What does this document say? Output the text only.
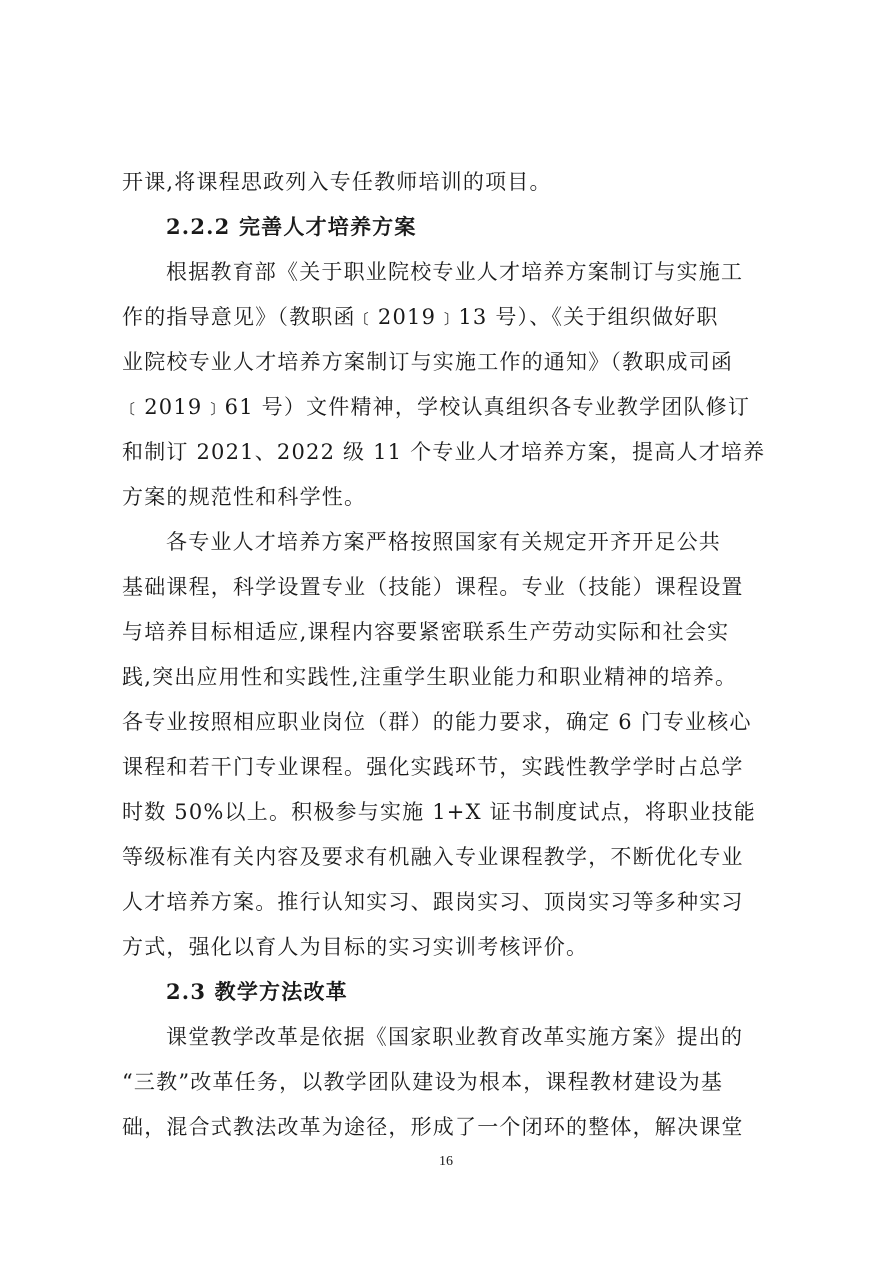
开课,将课程思政列入专任教师培训的项目。
2.2.2 完善人才培养方案
根据教育部《关于职业院校专业人才培养方案制订与实施工
作的指导意见》（教职函﹝2019﹞13 号）、《关于组织做好职
业院校专业人才培养方案制订与实施工作的通知》（教职成司函
﹝2019﹞61 号）文件精神，学校认真组织各专业教学团队修订
和制订 2021、2022 级 11 个专业人才培养方案，提高人才培养
方案的规范性和科学性。
各专业人才培养方案严格按照国家有关规定开齐开足公共
基础课程，科学设置专业（技能）课程。专业（技能）课程设置
与培养目标相适应,课程内容要紧密联系生产劳动实际和社会实
践,突出应用性和实践性,注重学生职业能力和职业精神的培养。
各专业按照相应职业岗位（群）的能力要求，确定 6 门专业核心
课程和若干门专业课程。强化实践环节，实践性教学学时占总学
时数 50%以上。积极参与实施 1+X 证书制度试点，将职业技能
等级标准有关内容及要求有机融入专业课程教学，不断优化专业
人才培养方案。推行认知实习、跟岗实习、顶岗实习等多种实习
方式，强化以育人为目标的实习实训考核评价。
2.3 教学方法改革
课堂教学改革是依据《国家职业教育改革实施方案》提出的
“三教”改革任务，以教学团队建设为根本，课程教材建设为基
础，混合式教法改革为途径，形成了一个闭环的整体，解决课堂
16
